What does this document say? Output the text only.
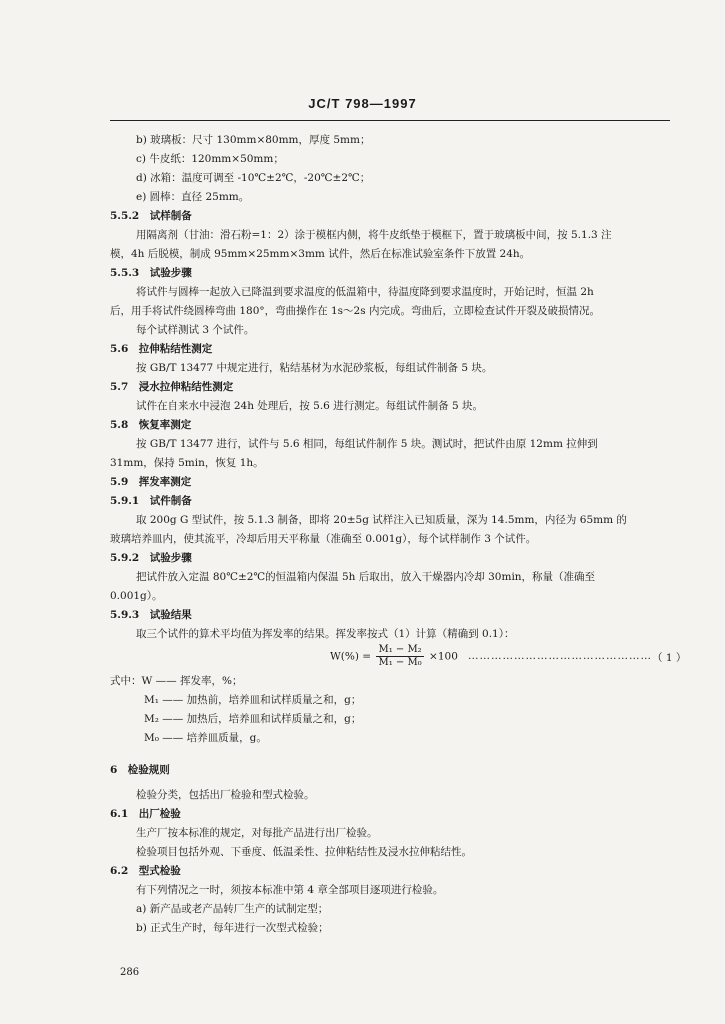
JC/T 798—1997
b) 玻璃板：尺寸 130mm×80mm，厚度 5mm；
c) 牛皮纸：120mm×50mm；
d) 冰箱：温度可调至 -10℃±2℃，-20℃±2℃；
e) 圆棒：直径 25mm。
5.5.2　试样制备
用隔离剂（甘油：滑石粉=1：2）涂于模框内侧，将牛皮纸垫于模框下，置于玻璃板中间，按 5.1.3 注
模，4h 后脱模，制成 95mm×25mm×3mm 试件，然后在标准试验室条件下放置 24h。
5.5.3　试验步骤
将试件与圆棒一起放入已降温到要求温度的低温箱中，待温度降到要求温度时，开始记时，恒温 2h
后，用手将试件绕圆棒弯曲 180°，弯曲操作在 1s～2s 内完成。弯曲后，立即检查试件开裂及破损情况。
每个试样测试 3 个试件。
5.6　拉伸粘结性测定
按 GB/T 13477 中规定进行，粘结基材为水泥砂浆板，每组试件制备 5 块。
5.7　浸水拉伸粘结性测定
试件在自来水中浸泡 24h 处理后，按 5.6 进行测定。每组试件制备 5 块。
5.8　恢复率测定
按 GB/T 13477 进行，试件与 5.6 相同，每组试件制作 5 块。测试时，把试件由原 12mm 拉伸到
31mm，保持 5min，恢复 1h。
5.9　挥发率测定
5.9.1　试件制备
取 200g G 型试件，按 5.1.3 制备，即将 20±5g 试样注入已知质量，深为 14.5mm，内径为 65mm 的
玻璃培养皿内，使其流平，冷却后用天平称量（准确至 0.001g），每个试样制作 3 个试件。
5.9.2　试验步骤
把试件放入定温 80℃±2℃的恒温箱内保温 5h 后取出，放入干燥器内冷却 30min，称量（准确至
0.001g）。
5.9.3　试验结果
取三个试件的算术平均值为挥发率的结果。挥发率按式（1）计算（精确到 0.1）：
$W(\%) = \frac{\text{M₁ − M₂}}{\text{M₁ − M₀}} \times 100$ ………………………………………… （ 1 ）
式中：W —— 挥发率，%；
M₁ —— 加热前，培养皿和试样质量之和，g；
M₂ —— 加热后，培养皿和试样质量之和，g；
M₀ —— 培养皿质量，g。
6　检验规则
检验分类，包括出厂检验和型式检验。
6.1　出厂检验
生产厂按本标准的规定，对每批产品进行出厂检验。
检验项目包括外观、下垂度、低温柔性、拉伸粘结性及浸水拉伸粘结性。
6.2　型式检验
有下列情况之一时，须按本标准中第 4 章全部项目逐项进行检验。
a) 新产品或老产品转厂生产的试制定型；
b) 正式生产时，每年进行一次型式检验；
286
